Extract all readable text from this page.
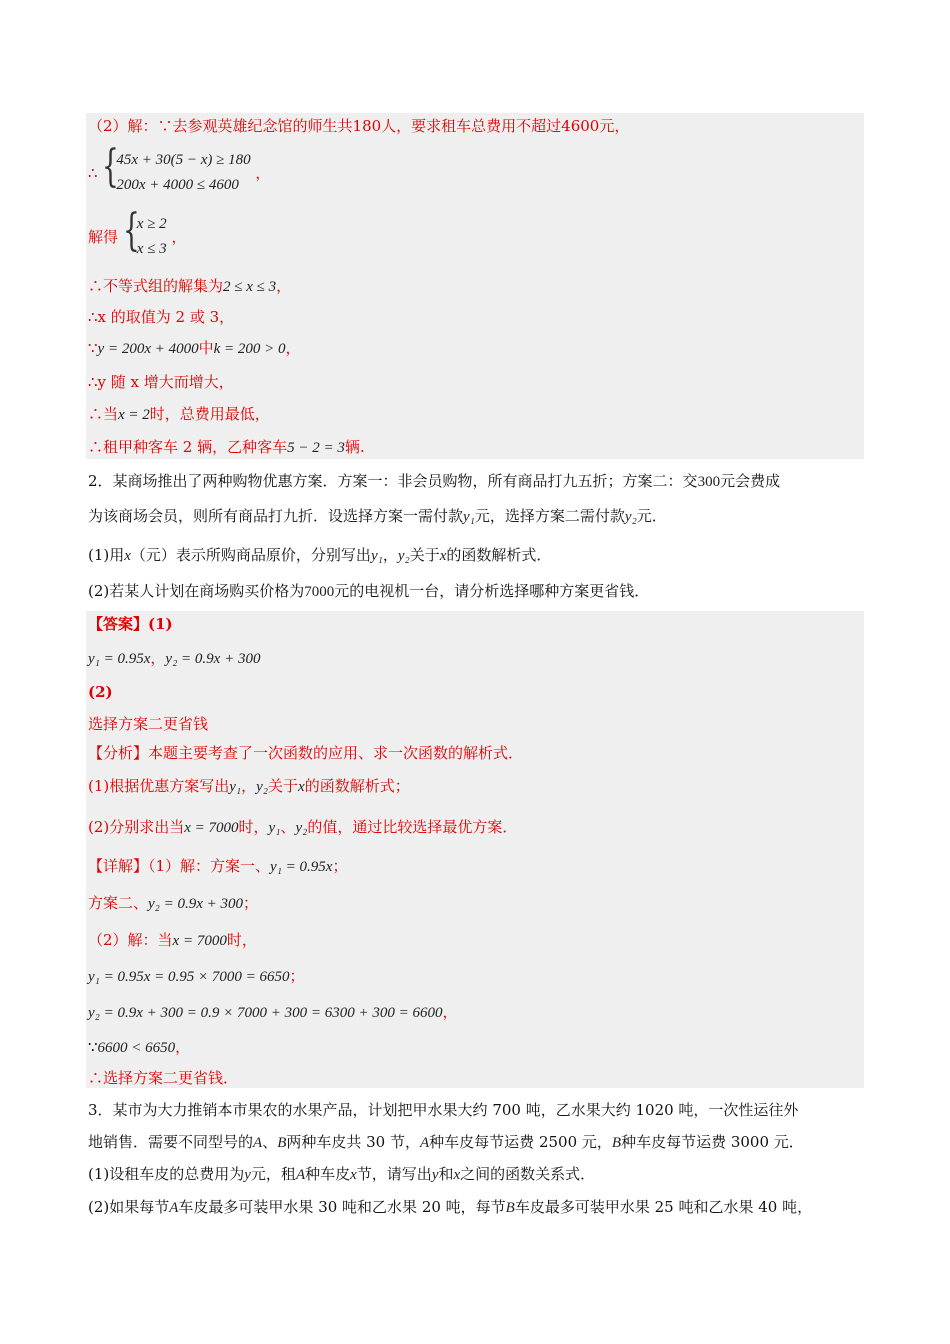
（2）解：∵去参观英雄纪念馆的师生共180人，要求租车总费用不超过4600元，
∴ {
45x + 30(5 − x) ≥ 180
200x + 4000 ≤ 4600
，
解得 {
x ≥ 2
x ≤ 3
，
∴不等式组的解集为2 ≤ x ≤ 3，
∴x 的取值为 2 或 3，
∵y = 200x + 4000中k = 200 > 0，
∴y 随 x 增大而增大，
∴当x = 2时，总费用最低，
∴租甲种客车 2 辆，乙种客车5 − 2 = 3辆.
2．某商场推出了两种购物优惠方案．方案一：非会员购物，所有商品打九五折；方案二：交300元会费成
为该商场会员，则所有商品打九折．设选择方案一需付款y₁元，选择方案二需付款y₂元．
(1)用x（元）表示所购商品原价，分别写出y₁，y₂关于x的函数解析式．
(2)若某人计划在商场购买价格为7000元的电视机一台，请分析选择哪种方案更省钱．
【答案】(1)
y₁ = 0.95x，y₂ = 0.9x + 300
(2)
选择方案二更省钱
【分析】本题主要考查了一次函数的应用、求一次函数的解析式．
(1)根据优惠方案写出y₁，y₂关于x的函数解析式；
(2)分别求出当x = 7000时，y₁、y₂的值，通过比较选择最优方案．
【详解】（1）解：方案一、y₁ = 0.95x；
方案二、y₂ = 0.9x + 300；
（2）解：当x = 7000时，
y₁ = 0.95x = 0.95 × 7000 = 6650；
y₂ = 0.9x + 300 = 0.9 × 7000 + 300 = 6300 + 300 = 6600，
∵6600 < 6650，
∴选择方案二更省钱．
3．某市为大力推销本市果农的水果产品，计划把甲水果大约 700 吨，乙水果大约 1020 吨，一次性运往外
地销售．需要不同型号的A、B两种车皮共 30 节，A种车皮每节运费 2500 元，B种车皮每节运费 3000 元．
(1)设租车皮的总费用为y元，租A种车皮x节，请写出y和x之间的函数关系式．
(2)如果每节A车皮最多可装甲水果 30 吨和乙水果 20 吨，每节B车皮最多可装甲水果 25 吨和乙水果 40 吨，
